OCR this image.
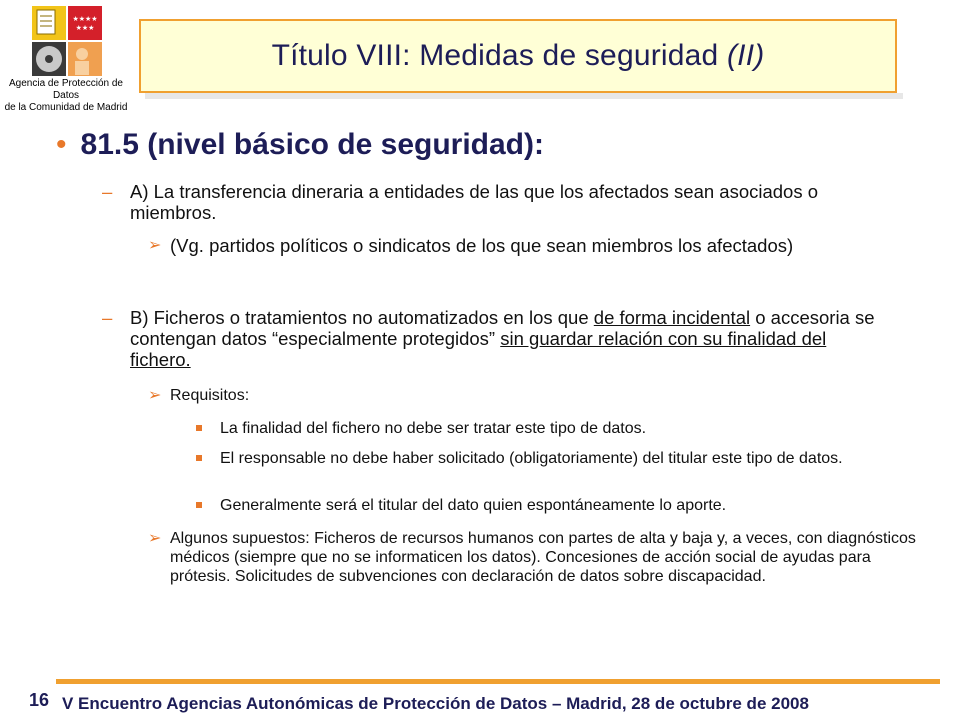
★★★★
★★★
Agencia de Protección de Datos
de la Comunidad de Madrid
Título VIII: Medidas de seguridad (II)
• 81.5 (nivel básico de seguridad):
– A) La transferencia dineraria a entidades de las que los afectados sean asociados o miembros.
➢ (Vg. partidos políticos o sindicatos de los que sean miembros los afectados)
– B) Ficheros o tratamientos no automatizados en los que de forma incidental o accesoria se contengan datos “especialmente protegidos” sin guardar relación con su finalidad del fichero.
➢ Requisitos:
La finalidad del fichero no debe ser tratar este tipo de datos.
El responsable no debe haber solicitado (obligatoriamente) del titular este tipo de datos.
Generalmente será el titular del dato quien espontáneamente lo aporte.
➢ Algunos supuestos: Ficheros de recursos humanos con partes de alta y baja y, a veces, con diagnósticos médicos (siempre que no se informaticen los datos). Concesiones de acción social de ayudas para prótesis. Solicitudes de subvenciones con declaración de datos sobre discapacidad.
16 V Encuentro Agencias Autonómicas de Protección de Datos – Madrid, 28 de octubre de 2008
